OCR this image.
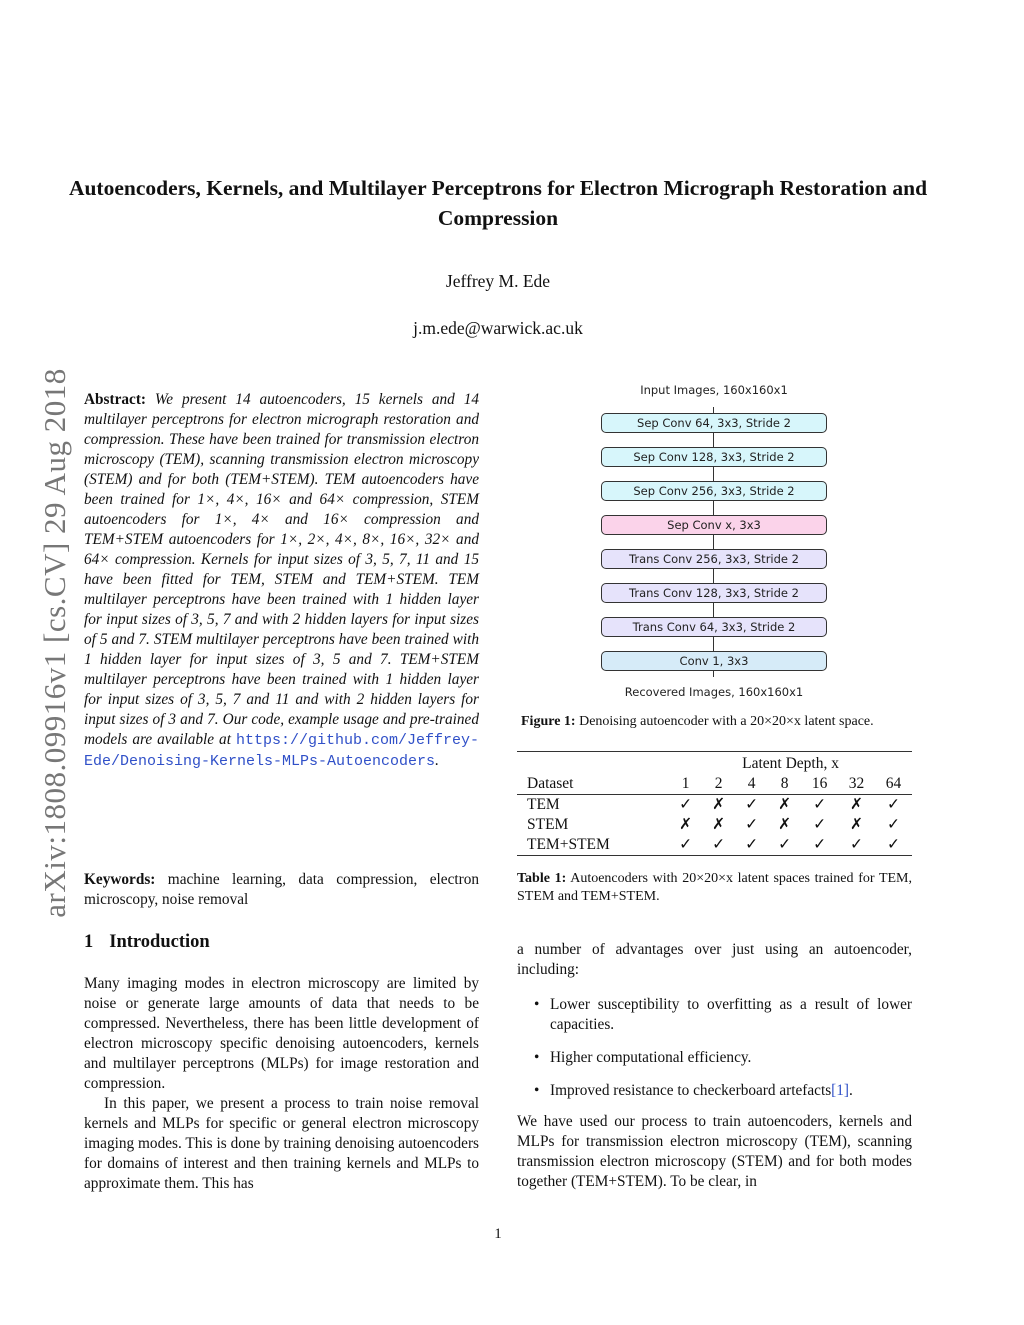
Autoencoders, Kernels, and Multilayer Perceptrons for Electron Micrograph Restoration and Compression
Jeffrey M. Ede
j.m.ede@warwick.ac.uk
arXiv:1808.09916v1 [cs.CV] 29 Aug 2018 Abstract: We present 14 autoencoders, 15 kernels and 14 multilayer perceptrons for electron micrograph restoration and compression. These have been trained for transmission electron microscopy (TEM), scanning transmission electron microscopy (STEM) and for both (TEM+STEM). TEM autoencoders have been trained for 1×, 4×, 16× and 64× compression, STEM autoencoders for 1×, 4× and 16× compression and TEM+STEM autoencoders for 1×, 2×, 4×, 8×, 16×, 32× and 64× compression. Kernels for input sizes of 3, 5, 7, 11 and 15 have been fitted for TEM, STEM and TEM+STEM. TEM multilayer perceptrons have been trained with 1 hidden layer for input sizes of 3, 5, 7 and with 2 hidden layers for input sizes of 5 and 7. STEM multilayer perceptrons have been trained with 1 hidden layer for input sizes of 3, 5 and 7. TEM+STEM multilayer perceptrons have been trained with 1 hidden layer for input sizes of 3, 5, 7 and 11 and with 2 hidden layers for input sizes of 3 and 7. Our code, example usage and pre-trained models are available at https://github.com/Jeffrey-Ede/Denoising-Kernels-MLPs-Autoencoders.

Keywords: machine learning, data compression, electron microscopy, noise removal

1 Introduction

Many imaging modes in electron microscopy are limited by noise or generate large amounts of data that needs to be compressed. Nevertheless, there has been little development of electron microscopy specific denoising autoencoders, kernels and multilayer perceptrons (MLPs) for image restoration and compression.

In this paper, we present a process to train noise removal kernels and MLPs for specific or general electron microscopy imaging modes. This is done by training denoising autoencoders for domains of interest and then training kernels and MLPs to approximate them. This has

Input Images, 160x160x1
Sep Conv 64, 3x3, Stride 2
Sep Conv 128, 3x3, Stride 2
Sep Conv 256, 3x3, Stride 2
Sep Conv x, 3x3
Trans Conv 256, 3x3, Stride 2
Trans Conv 128, 3x3, Stride 2
Trans Conv 64, 3x3, Stride 2
Conv 1, 3x3
Recovered Images, 160x160x1
Figure 1: Denoising autoencoder with a 20×20×x latent space.
	Latent Depth, x						
Dataset	1	2	4	8	16	32	64
TEM	✓	✗	✓	✗	✓	✗	✓
STEM	✗	✗	✓	✗	✓	✗	✓
TEM+STEM	✓	✓	✓	✓	✓	✓	✓
Table 1: Autoencoders with 20×20×x latent spaces trained for TEM, STEM and TEM+STEM.

a number of advantages over just using an autoencoder, including:

• Lower susceptibility to overfitting as a result of lower capacities.
• Higher computational efficiency.
• Improved resistance to checkerboard artefacts[1].

We have used our process to train autoencoders, kernels and MLPs for transmission electron microscopy (TEM), scanning transmission electron microscopy (STEM) and for both modes together (TEM+STEM). To be clear, in

1
